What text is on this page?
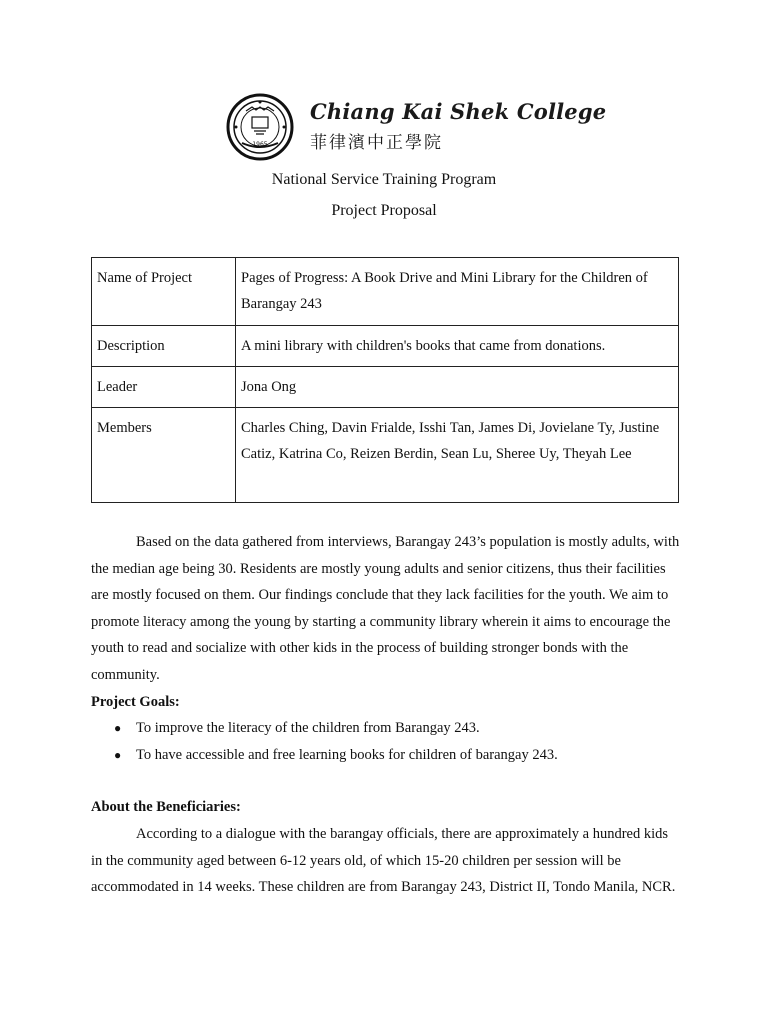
1965
Chiang Kai Shek College
菲律濱中正學院
National Service Training Program
Project Proposal
Name of Project	Pages of Progress: A Book Drive and Mini Library for the Children of Barangay 243
Description	A mini library with children's books that came from donations.
Leader	Jona Ong
Members	Charles Ching, Davin Frialde, Isshi Tan, James Di, Jovielane Ty, Justine Catiz, Katrina Co, Reizen Berdin, Sean Lu, Sheree Uy, Theyah Lee

Based on the data gathered from interviews, Barangay 243’s population is mostly adults, with the median age being 30. Residents are mostly young adults and senior citizens, thus their facilities are mostly focused on them. Our findings conclude that they lack facilities for the youth. We aim to promote literacy among the young by starting a community library wherein it aims to encourage the youth to read and socialize with other kids in the process of building stronger bonds with the community.

Project Goals:

● To improve the literacy of the children from Barangay 243.
● To have accessible and free learning books for children of barangay 243.

About the Beneficiaries:

According to a dialogue with the barangay officials, there are approximately a hundred kids in the community aged between 6-12 years old, of which 15-20 children per session will be accommodated in 14 weeks. These children are from Barangay 243, District II, Tondo Manila, NCR.
